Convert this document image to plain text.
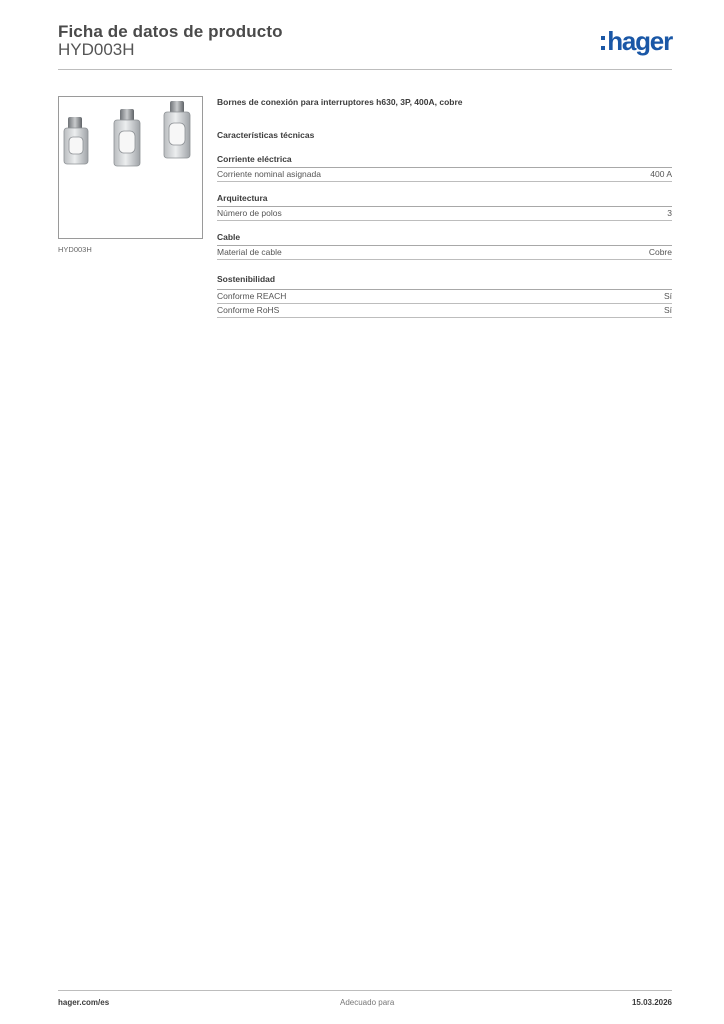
Ficha de datos de producto
HYD003H	hager
HYD003H
Bornes de conexión para interruptores h630, 3P, 400A, cobre
Características técnicas
Corriente eléctrica
Corriente nominal asignada	400 A
Arquitectura
Número de polos	3
Cable
Material de cable	Cobre
Sostenibilidad
Conforme REACH	Sí
Conforme RoHS	Sí
hager.com/es	Adecuado para	15.03.2026
